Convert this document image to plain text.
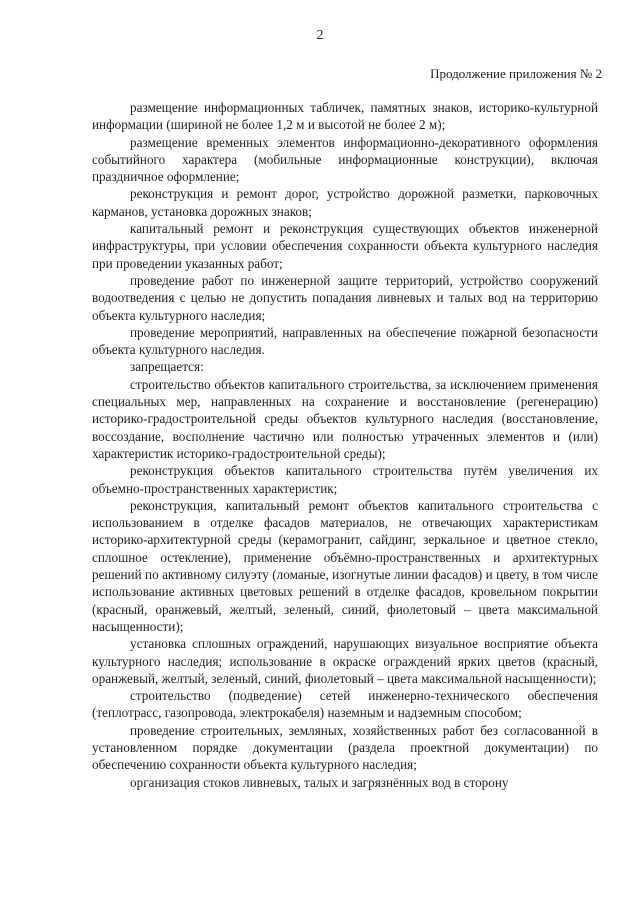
2
Продолжение приложения № 2

размещение информационных табличек, памятных знаков, историко-культурной информации (шириной не более 1,2 м и высотой не более 2 м);

размещение временных элементов информационно-декоративного оформления событийного характера (мобильные информационные конструкции), включая праздничное оформление;

реконструкция и ремонт дорог, устройство дорожной разметки, парковочных карманов, установка дорожных знаков;

капитальный ремонт и реконструкция существующих объектов инженерной инфраструктуры, при условии обеспечения сохранности объекта культурного наследия при проведении указанных работ;

проведение работ по инженерной защите территорий, устройство сооружений водоотведения с целью не допустить попадания ливневых и талых вод на территорию объекта культурного наследия;

проведение мероприятий, направленных на обеспечение пожарной безопасности объекта культурного наследия.

запрещается:

строительство объектов капитального строительства, за исключением применения специальных мер, направленных на сохранение и восстановление (регенерацию) историко-градостроительной среды объектов культурного наследия (восстановление, воссоздание, восполнение частично или полностью утраченных элементов и (или) характеристик историко-градостроительной среды);

реконструкция объектов капитального строительства путём увеличения их объемно-пространственных характеристик;

реконструкция, капитальный ремонт объектов капитального строительства с использованием в отделке фасадов материалов, не отвечающих характеристикам историко-архитектурной среды (керамогранит, сайдинг, зеркальное и цветное стекло, сплошное остекление), применение объёмно-пространственных и архитектурных решений по активному силуэту (ломаные, изогнутые линии фасадов) и цвету, в том числе использование активных цветовых решений в отделке фасадов, кровельном покрытии (красный, оранжевый, желтый, зеленый, синий, фиолетовый – цвета максимальной насыщенности);

установка сплошных ограждений, нарушающих визуальное восприятие объекта культурного наследия; использование в окраске ограждений ярких цветов (красный, оранжевый, желтый, зеленый, синий, фиолетовый – цвета максимальной насыщенности);

строительство (подведение) сетей инженерно-технического обеспечения (теплотрасс, газопровода, электрокабеля) наземным и надземным способом;

проведение строительных, земляных, хозяйственных работ без согласованной в установленном порядке документации (раздела проектной документации) по обеспечению сохранности объекта культурного наследия;

организация стоков ливневых, талых и загрязнённых вод в сторону
